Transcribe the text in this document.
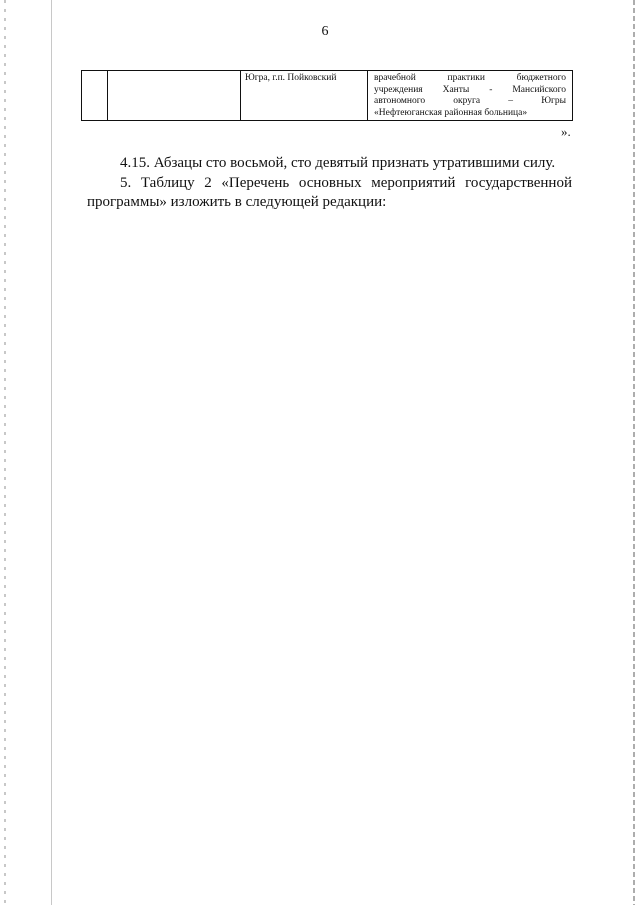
6
Югра, г.п. Пойковский	врачебной практики бюджетного
учреждения Ханты - Мансийского
автономного округа – Югры
«Нефтеюганская районная больница»
».

4.15. Абзацы сто восьмой, сто девятый признать утратившими силу.

5. Таблицу 2 «Перечень основных мероприятий государственной программы» изложить в следующей редакции:
